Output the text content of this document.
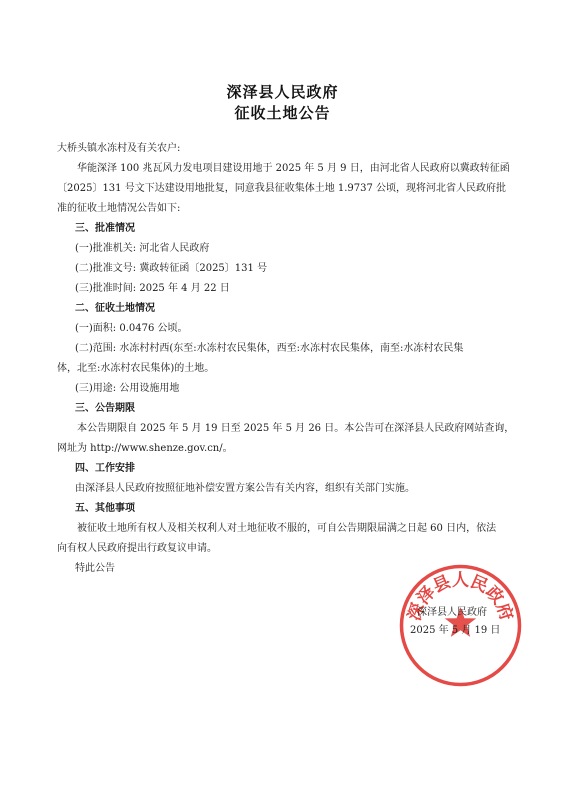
深泽县人民政府
征收土地公告
大桥头镇水冻村及有关农户:
华能深泽 100 兆瓦风力发电项目建设用地于 2025 年 5 月 9 日，由河北省人民政府以冀政转征函
〔2025〕131 号文下达建设用地批复，同意我县征收集体土地 1.9737 公顷，现将河北省人民政府批
准的征收土地情况公告如下:
三、批准情况
(一)批准机关: 河北省人民政府
(二)批准文号: 冀政转征函〔2025〕131 号
(三)批准时间: 2025 年 4 月 22 日
二、征收土地情况
(一)面积: 0.0476 公顷。
(二)范围: 水冻村村西(东至:水冻村农民集体，西至:水冻村农民集体，南至:水冻村农民集
体，北至:水冻村农民集体)的土地。
(三)用途: 公用设施用地
三、公告期限
本公告期限自 2025 年 5 月 19 日至 2025 年 5 月 26 日。本公告可在深泽县人民政府网站查询，
网址为 http://www.shenze.gov.cn/。
四、工作安排
由深泽县人民政府按照征地补偿安置方案公告有关内容，组织有关部门实施。
五、其他事项
被征收土地所有权人及相关权利人对土地征收不服的，可自公告期限届满之日起 60 日内，依法
向有权人民政府提出行政复议申请。
特此公告
深泽县人民政府
深泽县人民政府
2025 年 5 月 19 日
